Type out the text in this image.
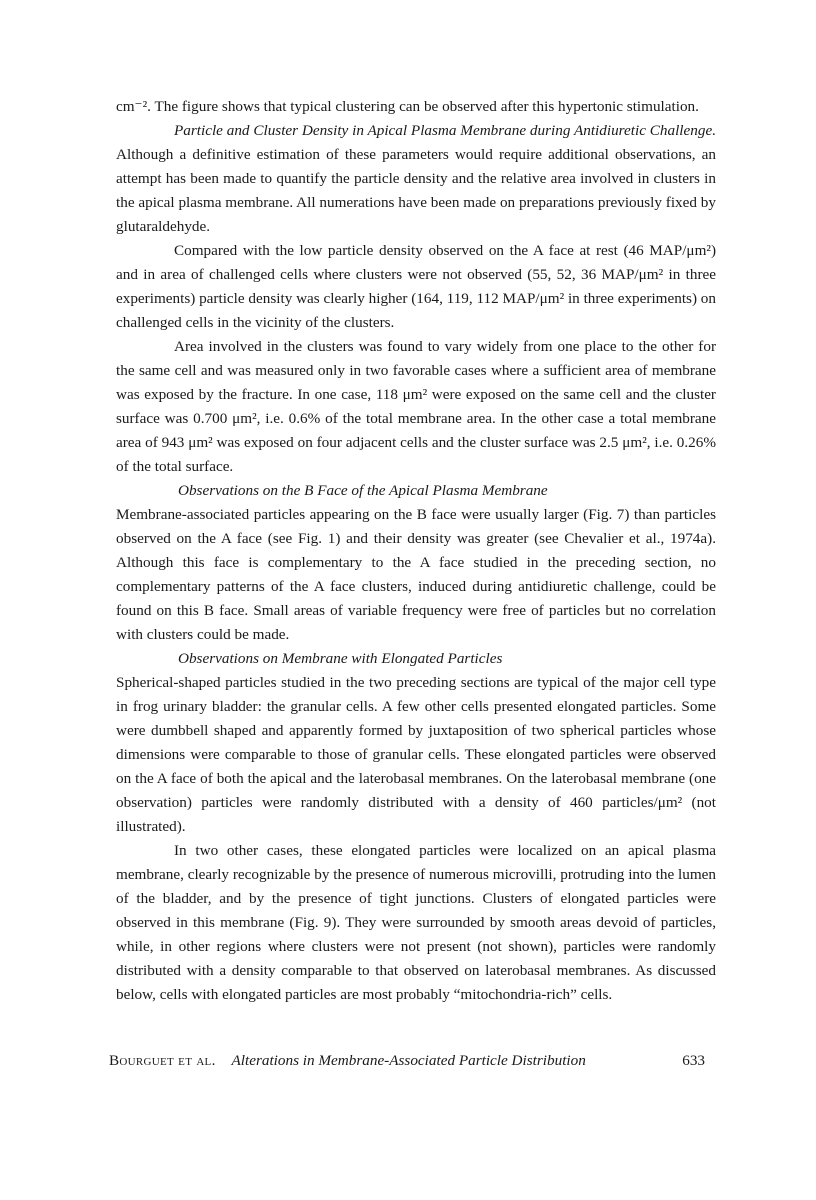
cm⁻². The figure shows that typical clustering can be observed after this hypertonic stimulation.

Particle and Cluster Density in Apical Plasma Membrane during Antidiuretic Challenge. Although a definitive estimation of these parameters would require additional observations, an attempt has been made to quantify the particle density and the relative area involved in clusters in the apical plasma membrane. All numerations have been made on preparations previously fixed by glutaraldehyde.

Compared with the low particle density observed on the A face at rest (46 MAP/μm²) and in area of challenged cells where clusters were not observed (55, 52, 36 MAP/μm² in three experiments) particle density was clearly higher (164, 119, 112 MAP/μm² in three experiments) on challenged cells in the vicinity of the clusters.

Area involved in the clusters was found to vary widely from one place to the other for the same cell and was measured only in two favorable cases where a sufficient area of membrane was exposed by the fracture. In one case, 118 μm² were exposed on the same cell and the cluster surface was 0.700 μm², i.e. 0.6% of the total membrane area. In the other case a total membrane area of 943 μm² was exposed on four adjacent cells and the cluster surface was 2.5 μm², i.e. 0.26% of the total surface.

Observations on the B Face of the Apical Plasma Membrane

Membrane-associated particles appearing on the B face were usually larger (Fig. 7) than particles observed on the A face (see Fig. 1) and their density was greater (see Chevalier et al., 1974a). Although this face is complementary to the A face studied in the preceding section, no complementary patterns of the A face clusters, induced during antidiuretic challenge, could be found on this B face. Small areas of variable frequency were free of particles but no correlation with clusters could be made.

Observations on Membrane with Elongated Particles

Spherical-shaped particles studied in the two preceding sections are typical of the major cell type in frog urinary bladder: the granular cells. A few other cells presented elongated particles. Some were dumbbell shaped and apparently formed by juxtaposition of two spherical particles whose dimensions were comparable to those of granular cells. These elongated particles were observed on the A face of both the apical and the laterobasal membranes. On the laterobasal membrane (one observation) particles were randomly distributed with a density of 460 particles/μm² (not illustrated).

In two other cases, these elongated particles were localized on an apical plasma membrane, clearly recognizable by the presence of numerous microvilli, protruding into the lumen of the bladder, and by the presence of tight junctions. Clusters of elongated particles were observed in this membrane (Fig. 9). They were surrounded by smooth areas devoid of particles, while, in other regions where clusters were not present (not shown), particles were randomly distributed with a density comparable to that observed on laterobasal membranes. As discussed below, cells with elongated particles are most probably “mitochondria-rich” cells.

Bourguet et al. Alterations in Membrane-Associated Particle Distribution	633
